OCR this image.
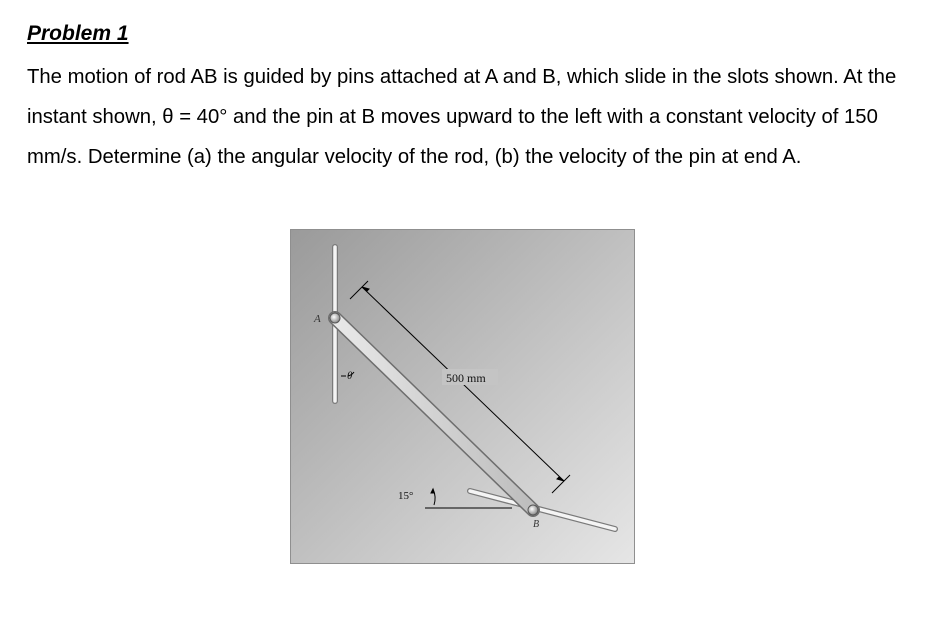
Problem 1

The motion of rod AB is guided by pins attached at A and B, which slide in the slots shown. At the instant shown, θ = 40° and the pin at B moves upward to the left with a constant velocity of 150 mm/s. Determine (a) the angular velocity of the rod, (b) the velocity of the pin at end A.

500 mm
θ
15°
A
B
